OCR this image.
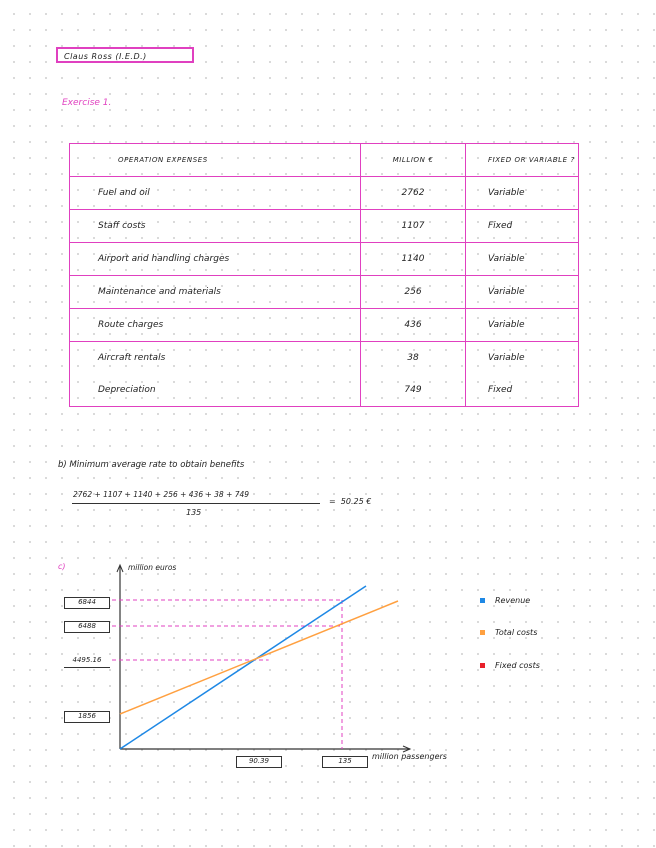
Claus Ross (I.E.D.)
Exercise 1.
OPERATION EXPENSES	MILLION €	FIXED OR VARIABLE ?
Fuel and oil	2762	Variable
Staff costs	1107	Fixed
Airport and handling charges	1140	Variable
Maintenance and materials	256	Variable
Route charges	436	Variable
Aircraft rentals	38	Variable
Depreciation	749	Fixed
b) Minimum average rate to obtain benefits
2762 + 1107 + 1140 + 256 + 436 + 38 + 749
135
= 50.25 €
c)	million euros
million passengers
6844
6488
4495.16
1856
90.39	135
Revenue
Total costs
Fixed costs
